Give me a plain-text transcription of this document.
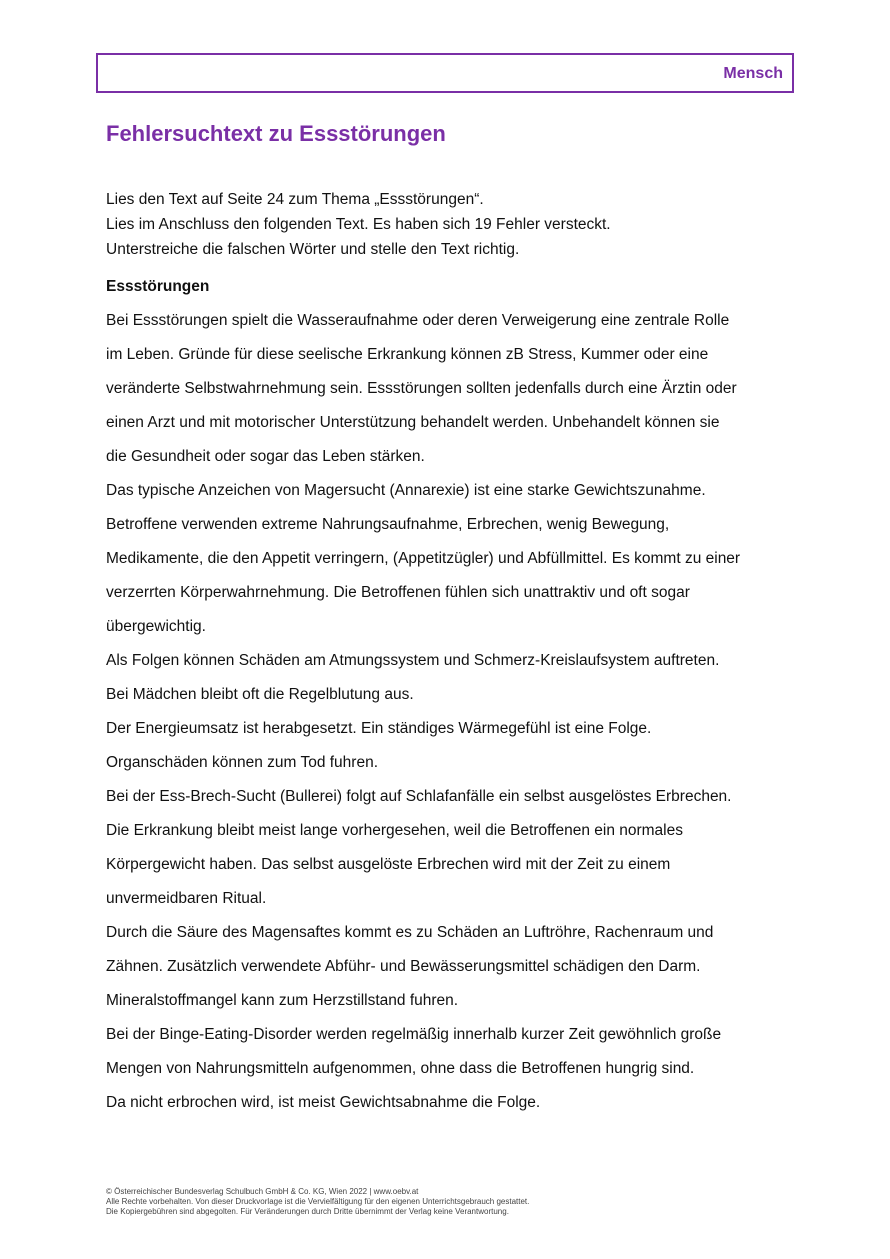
Mensch
Fehlersuchtext zu Essstörungen

Lies den Text auf Seite 24 zum Thema „Essstörungen“.

Lies im Anschluss den folgenden Text. Es haben sich 19 Fehler versteckt.

Unterstreiche die falschen Wörter und stelle den Text richtig.

Essstörungen

Bei Essstörungen spielt die Wasseraufnahme oder deren Verweigerung eine zentrale Rolle

im Leben. Gründe für diese seelische Erkrankung können zB Stress, Kummer oder eine

veränderte Selbstwahrnehmung sein. Essstörungen sollten jedenfalls durch eine Ärztin oder

einen Arzt und mit motorischer Unterstützung behandelt werden. Unbehandelt können sie

die Gesundheit oder sogar das Leben stärken.

Das typische Anzeichen von Magersucht (Annarexie) ist eine starke Gewichtszunahme.

Betroffene verwenden extreme Nahrungsaufnahme, Erbrechen, wenig Bewegung,

Medikamente, die den Appetit verringern, (Appetitzügler) und Abfüllmittel. Es kommt zu einer

verzerrten Körperwahrnehmung. Die Betroffenen fühlen sich unattraktiv und oft sogar

übergewichtig.

Als Folgen können Schäden am Atmungssystem und Schmerz-Kreislaufsystem auftreten.

Bei Mädchen bleibt oft die Regelblutung aus.

Der Energieumsatz ist herabgesetzt. Ein ständiges Wärmegefühl ist eine Folge.

Organschäden können zum Tod fuhren.

Bei der Ess-Brech-Sucht (Bullerei) folgt auf Schlafanfälle ein selbst ausgelöstes Erbrechen.

Die Erkrankung bleibt meist lange vorhergesehen, weil die Betroffenen ein normales

Körpergewicht haben. Das selbst ausgelöste Erbrechen wird mit der Zeit zu einem

unvermeidbaren Ritual.

Durch die Säure des Magensaftes kommt es zu Schäden an Luftröhre, Rachenraum und

Zähnen. Zusätzlich verwendete Abführ- und Bewässerungsmittel schädigen den Darm.

Mineralstoffmangel kann zum Herzstillstand fuhren.

Bei der Binge-Eating-Disorder werden regelmäßig innerhalb kurzer Zeit gewöhnlich große

Mengen von Nahrungsmitteln aufgenommen, ohne dass die Betroffenen hungrig sind.

Da nicht erbrochen wird, ist meist Gewichtsabnahme die Folge.

© Österreichischer Bundesverlag Schulbuch GmbH & Co. KG, Wien 2022 | www.oebv.at

Alle Rechte vorbehalten. Von dieser Druckvorlage ist die Vervielfältigung für den eigenen Unterrichtsgebrauch gestattet.

Die Kopiergebühren sind abgegolten. Für Veränderungen durch Dritte übernimmt der Verlag keine Verantwortung.
